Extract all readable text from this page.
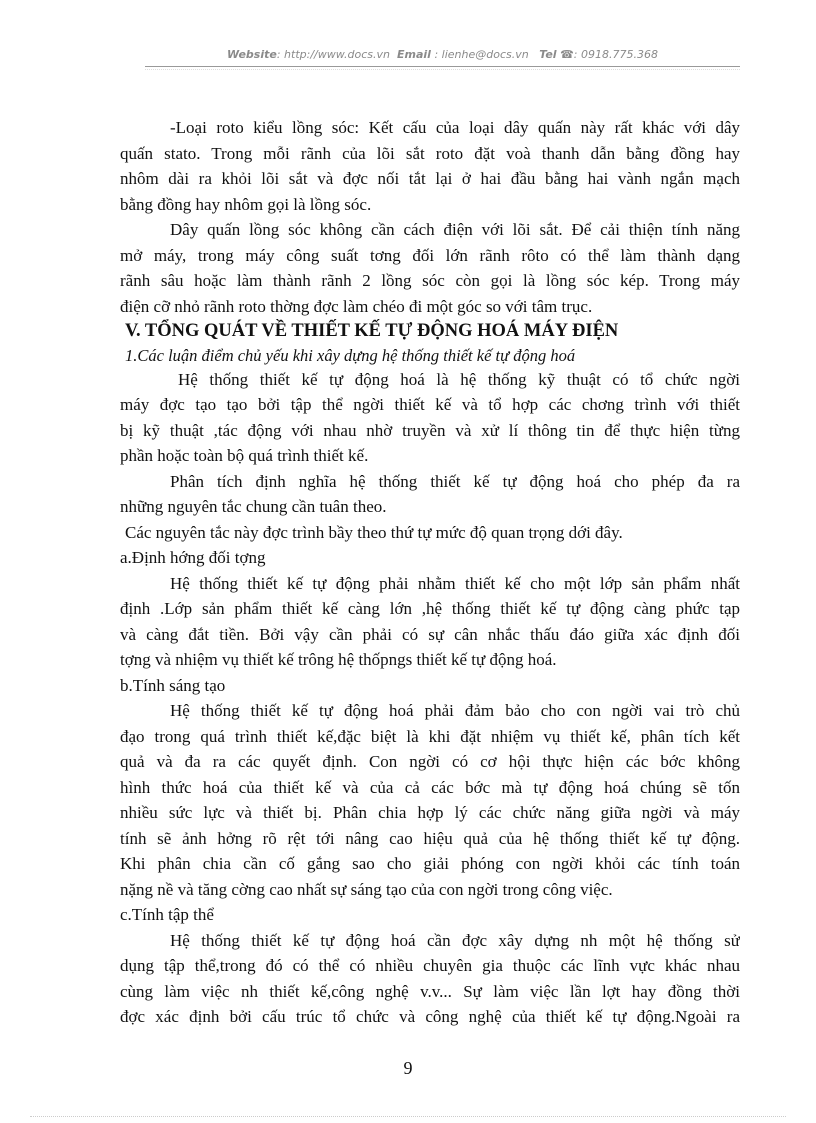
Website: http://www.docs.vn Email : lienhe@docs.vn Tel ☎: 0918.775.368
-Loại roto kiểu lồng sóc: Kết cấu của loại dây quấn này rất khác với dây
quấn stato. Trong mỗi rãnh của lõi sắt roto đặt voà thanh dẫn bằng đồng hay
nhôm dài ra khỏi lõi sắt và đợc nối tắt lại ở hai đầu bằng hai vành ngắn mạch
bằng đồng hay nhôm gọi là lồng sóc.
Dây quấn lồng sóc không cần cách điện với lõi sắt. Để cải thiện tính năng
mở máy, trong máy công suất tơng đối lớn rãnh rôto có thể làm thành dạng
rãnh sâu hoặc làm thành rãnh 2 lồng sóc còn gọi là lồng sóc kép. Trong máy
điện cỡ nhỏ rãnh roto thờng đợc làm chéo đi một góc so với tâm trục.
V. TỔNG QUÁT VỀ THIẾT KẾ TỰ ĐỘNG HOÁ MÁY ĐIỆN
1.Các luận điểm chủ yếu khi xây dựng hệ thống thiết kế tự động hoá
Hệ thống thiết kế tự động hoá là hệ thống kỹ thuật có tổ chức ngời
máy đợc tạo tạo bởi tập thể ngời thiết kế và tổ hợp các chơng trình với thiết
bị kỹ thuật ,tác động với nhau nhờ truyền và xử lí thông tin để thực hiện từng
phần hoặc toàn bộ quá trình thiết kế.
Phân tích định nghĩa hệ thống thiết kế tự động hoá cho phép đa ra
những nguyên tắc chung cần tuân theo.
Các nguyên tắc này đợc trình bầy theo thứ tự mức độ quan trọng dới đây.
a.Định hớng đối tợng
Hệ thống thiết kế tự động phải nhằm thiết kế cho một lớp sản phẩm nhất
định .Lớp sản phẩm thiết kế càng lớn ,hệ thống thiết kế tự động càng phức tạp
và càng đắt tiền. Bởi vậy cần phải có sự cân nhắc thấu đáo giữa xác định đối
tợng và nhiệm vụ thiết kế trông hệ thốpngs thiết kế tự động hoá.
b.Tính sáng tạo
Hệ thống thiết kế tự động hoá phải đảm bảo cho con ngời vai trò chủ
đạo trong quá trình thiết kế,đặc biệt là khi đặt nhiệm vụ thiết kế, phân tích kết
quả và đa ra các quyết định. Con ngời có cơ hội thực hiện các bớc không
hình thức hoá của thiết kế và của cả các bớc mà tự động hoá chúng sẽ tốn
nhiều sức lực và thiết bị. Phân chia hợp lý các chức năng giữa ngời và máy
tính sẽ ảnh hởng rõ rệt tới nâng cao hiệu quả của hệ thống thiết kế tự động.
Khi phân chia cần cố gắng sao cho giải phóng con ngời khỏi các tính toán
nặng nề và tăng cờng cao nhất sự sáng tạo của con ngời trong công việc.
c.Tính tập thể
Hệ thống thiết kế tự động hoá cần đợc xây dựng nh một hệ thống sử
dụng tập thể,trong đó có thể có nhiều chuyên gia thuộc các lĩnh vực khác nhau
cùng làm việc nh thiết kế,công nghệ v.v... Sự làm việc lần lợt hay đồng thời
đợc xác định bởi cấu trúc tổ chức và công nghệ của thiết kế tự động.Ngoài ra
9
